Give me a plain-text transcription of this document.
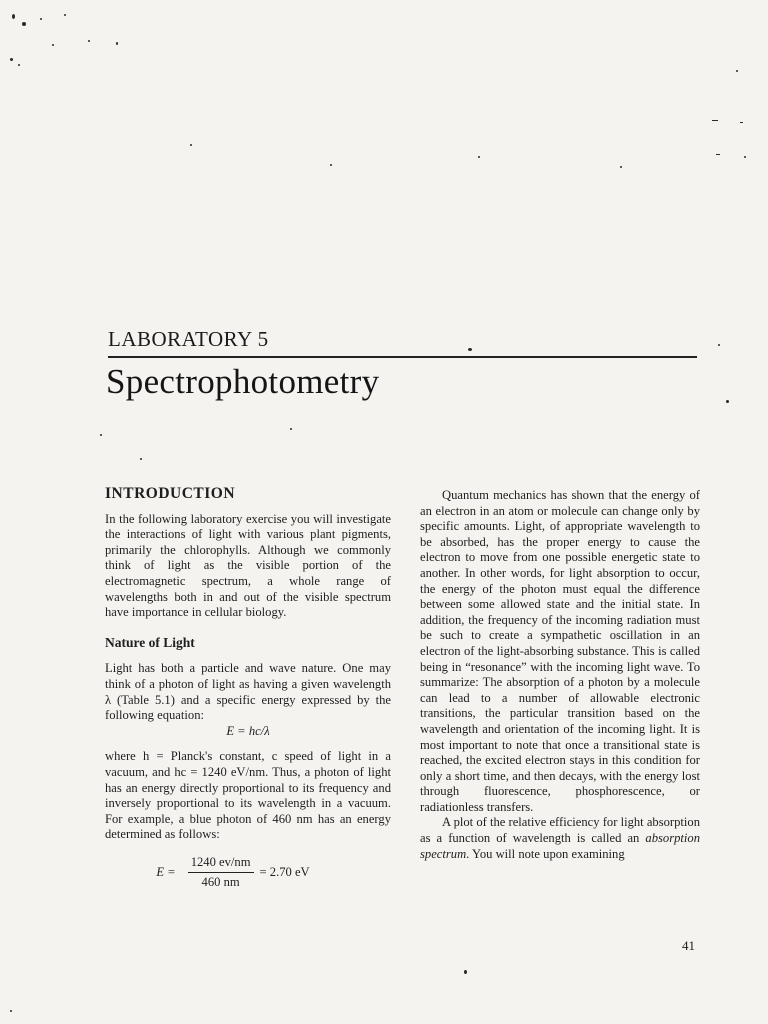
LABORATORY 5
Spectrophotometry
INTRODUCTION

In the following laboratory exercise you will investigate the interactions of light with various plant pigments, primarily the chlorophylls. Although we commonly think of light as the visible portion of the electromagnetic spectrum, a whole range of wavelengths both in and out of the visible spectrum have importance in cellular biology.

Nature of Light

Light has both a particle and wave nature. One may think of a photon of light as having a given wavelength λ (Table 5.1) and a specific energy expressed by the following equation:

E = hc/λ

where h = Planck's constant, c speed of light in a vacuum, and hc = 1240 eV/nm. Thus, a photon of light has an energy directly proportional to its frequency and inversely proportional to its wavelength in a vacuum. For example, a blue photon of 460 nm has an energy determined as follows:

$E = \frac{1240 ev/nm}{460 nm} = 2.70$ eV

Quantum mechanics has shown that the energy of an electron in an atom or molecule can change only by specific amounts. Light, of appropriate wavelength to be absorbed, has the proper energy to cause the electron to move from one possible energetic state to another. In other words, for light absorption to occur, the energy of the photon must equal the difference between some allowed state and the initial state. In addition, the frequency of the incoming radiation must be such to create a sympathetic oscillation in an electron of the light-absorbing substance. This is called being in “resonance” with the incoming light wave. To summarize: The absorption of a photon by a molecule can lead to a number of allowable electronic transitions, the particular transition based on the wavelength and orientation of the incoming light. It is most important to note that once a transitional state is reached, the excited electron stays in this condition for only a short time, and then decays, with the energy lost through fluorescence, phosphorescence, or radiationless transfers.

A plot of the relative efficiency for light absorption as a function of wavelength is called an absorption spectrum. You will note upon examining

41
